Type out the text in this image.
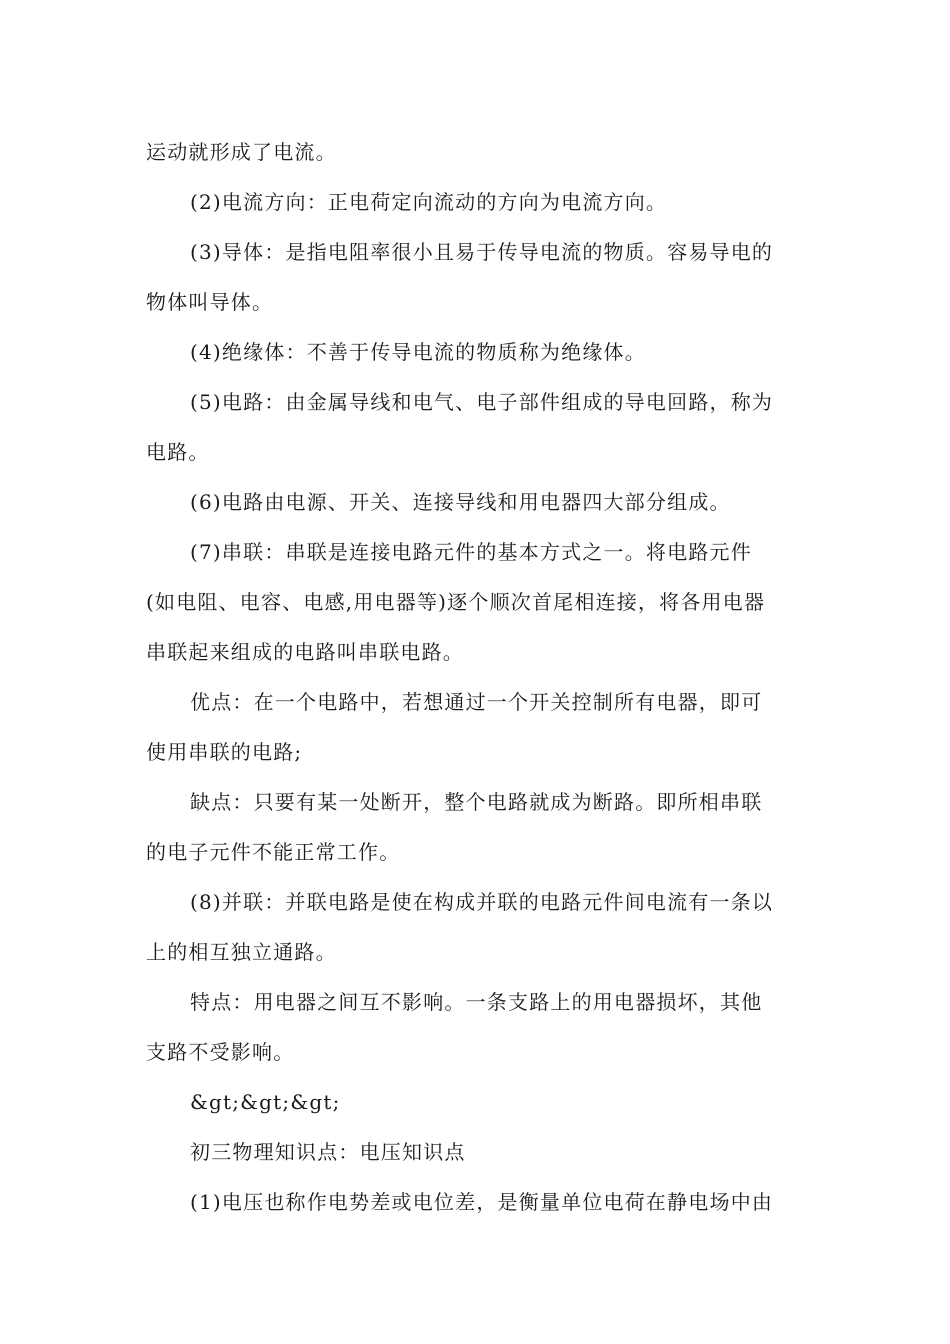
运动就形成了电流。
(2)电流方向：正电荷定向流动的方向为电流方向。
(3)导体：是指电阻率很小且易于传导电流的物质。容易导电的
物体叫导体。
(4)绝缘体：不善于传导电流的物质称为绝缘体。
(5)电路：由金属导线和电气、电子部件组成的导电回路，称为
电路。
(6)电路由电源、开关、连接导线和用电器四大部分组成。
(7)串联：串联是连接电路元件的基本方式之一。将电路元件
(如电阻、电容、电感,用电器等)逐个顺次首尾相连接，将各用电器
串联起来组成的电路叫串联电路。
优点：在一个电路中，若想通过一个开关控制所有电器，即可
使用串联的电路;
缺点：只要有某一处断开，整个电路就成为断路。即所相串联
的电子元件不能正常工作。
(8)并联：并联电路是使在构成并联的电路元件间电流有一条以
上的相互独立通路。
特点：用电器之间互不影响。一条支路上的用电器损坏，其他
支路不受影响。
&gt;&gt;&gt;
初三物理知识点：电压知识点
(1)电压也称作电势差或电位差，是衡量单位电荷在静电场中由
